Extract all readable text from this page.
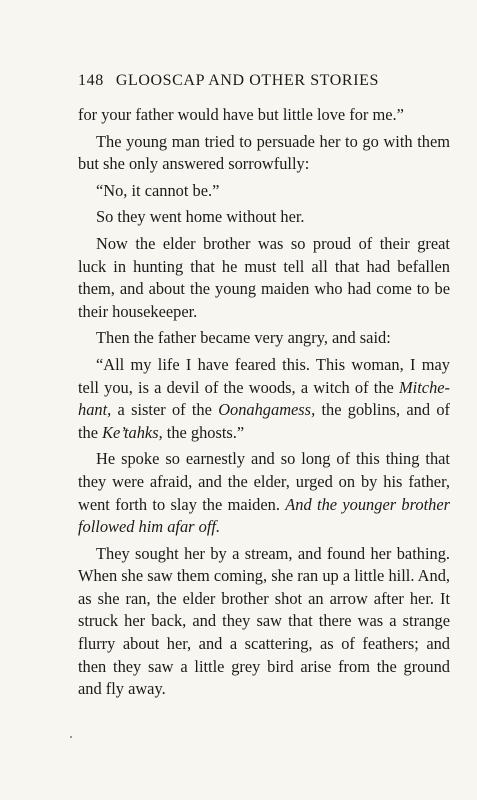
148 GLOOSCAP AND OTHER STORIES

for your father would have but little love for me.”

The young man tried to persuade her to go with them but she only answered sorrowfully:

“No, it cannot be.”

So they went home without her.

Now the elder brother was so proud of their great luck in hunting that he must tell all that had befallen them, and about the young maiden who had come to be their housekeeper.

Then the father became very angry, and said:

“All my life I have feared this. This woman, I may tell you, is a devil of the woods, a witch of the Mitche-hant, a sister of the Oonahgamess, the goblins, and of the Ke’tahks, the ghosts.”

He spoke so earnestly and so long of this thing that they were afraid, and the elder, urged on by his father, went forth to slay the maiden. And the younger brother followed him afar off.

They sought her by a stream, and found her bathing. When she saw them coming, she ran up a little hill. And, as she ran, the elder brother shot an arrow after her. It struck her back, and they saw that there was a strange flurry about her, and a scattering, as of feathers; and then they saw a little grey bird arise from the ground and fly away.
